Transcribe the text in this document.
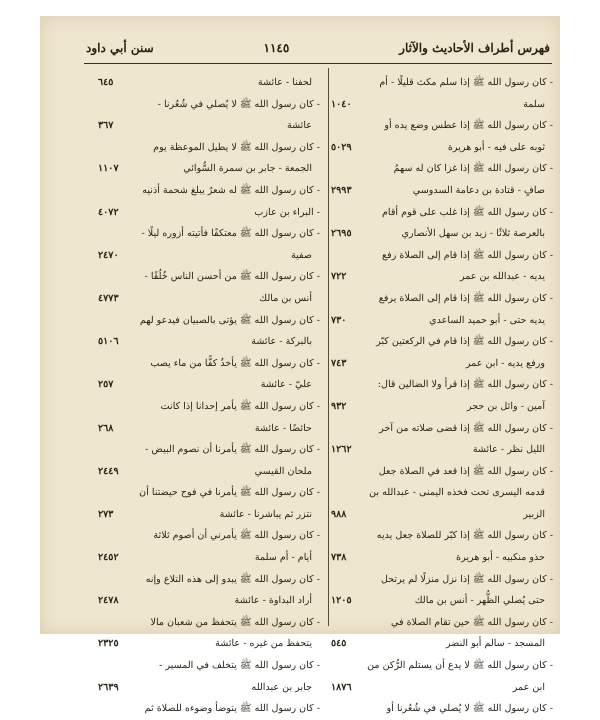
فهرس أطراف الأحاديث والآثار
١١٤٥
سنن أبي داود
- كان رسول الله ﷺ إذا سلم مكث قليلًا - أم
سلمة
١٠٤٠
- كان رسول الله ﷺ إذا عطس وضع يده أو
ثوبه على فيه - أبو هريرة
٥٠٢٩
- كان رسول الله ﷺ إذا غزا كان له سهمُ
صافٍ - قتادة بن دعامة السدوسي
٢٩٩٣
- كان رسول الله ﷺ إذا غلب على قوم أقام
بالعرصة ثلاثًا - زيد بن سهل الأنصاري
٢٦٩٥
- كان رسول الله ﷺ إذا قام إلى الصلاة رفع
يديه - عبدالله بن عمر
٧٢٢
- كان رسول الله ﷺ إذا قام إلى الصلاة يرفع
يديه حتى - أبو حميد الساعدي
٧٣٠
- كان رسول الله ﷺ إذا قام في الركعتين كبّر
ورفع يديه - ابن عمر
٧٤٣
- كان رسول الله ﷺ إذا قرأ ولا الضالين قال:
آمين - وائل بن حجر
٩٣٢
- كان رسول الله ﷺ إذا قضى صلاته من آخر
الليل نظر - عائشة
١٢٦٢
- كان رسول الله ﷺ إذا قعد في الصلاة جعل
قدمه اليسرى تحت فخذه اليمنى - عبدالله بن
الزبير
٩٨٨
- كان رسول الله ﷺ إذا كبّر للصلاة جعل يديه
حذو منكبيه - أبو هريرة
٧٣٨
- كان رسول الله ﷺ إذا نزل منزلًا لم يرتحل
حتى يُصلي الظُّهر - أنس بن مالك
١٢٠٥
- كان رسول الله ﷺ حين تقام الصلاة في
المسجد - سالم أبو النضر
٥٤٥
- كان رسول الله ﷺ لا يدع أن يستلم الرُّكن من
ابن عمر
١٨٧٦
- كان رسول الله ﷺ لا يُصلي في شُعُرنا أو
لحفنا - عائشة
٦٤٥
- كان رسول الله ﷺ لا يُصلي في شُعُرنا -
عائشة
٣٦٧
- كان رسول الله ﷺ لا يطيل الموعظة يوم
الجمعة - جابر بن سمرة السُّوائي
١١٠٧
- كان رسول الله ﷺ له شعرٌ يبلغ شحمة أذنيه
- البراء بن عازب
٤٠٧٢
- كان رسول الله ﷺ معتكفًا فأتيته أزوره ليلًا -
صفية
٢٤٧٠
- كان رسول الله ﷺ من أحسن الناس خُلُقًا -
أنس بن مالك
٤٧٧٣
- كان رسول الله ﷺ يؤتى بالصبيان فيدعو لهم
بالبركة - عائشة
٥١٠٦
- كان رسول الله ﷺ يأخذُ كفًّا من ماء يصب
عليّ - عائشة
٢٥٧
- كان رسول الله ﷺ يأمر إحدانا إذا كانت
حائضًا - عائشة
٢٦٨
- كان رسول الله ﷺ يأمرنا أن نصوم البيض -
ملحان القيسي
٢٤٤٩
- كان رسول الله ﷺ يأمرنا في فوح حيضتنا أن
نتزر ثم يباشرنا - عائشة
٢٧٣
- كان رسول الله ﷺ يأمرني أن أصوم ثلاثة
أيام - أم سلمة
٢٤٥٢
- كان رسول الله ﷺ يبدو إلى هذه التلاع وإنه
أراد البداوة - عائشة
٢٤٧٨
- كان رسول الله ﷺ يتحفظ من شعبان مالا
يتحفظ من غيره - عائشة
٢٣٢٥
- كان رسول الله ﷺ يتخلف في المسير -
جابر بن عبدالله
٢٦٣٩
- كان رسول الله ﷺ يتوضأ وضوءه للصلاة ثم
